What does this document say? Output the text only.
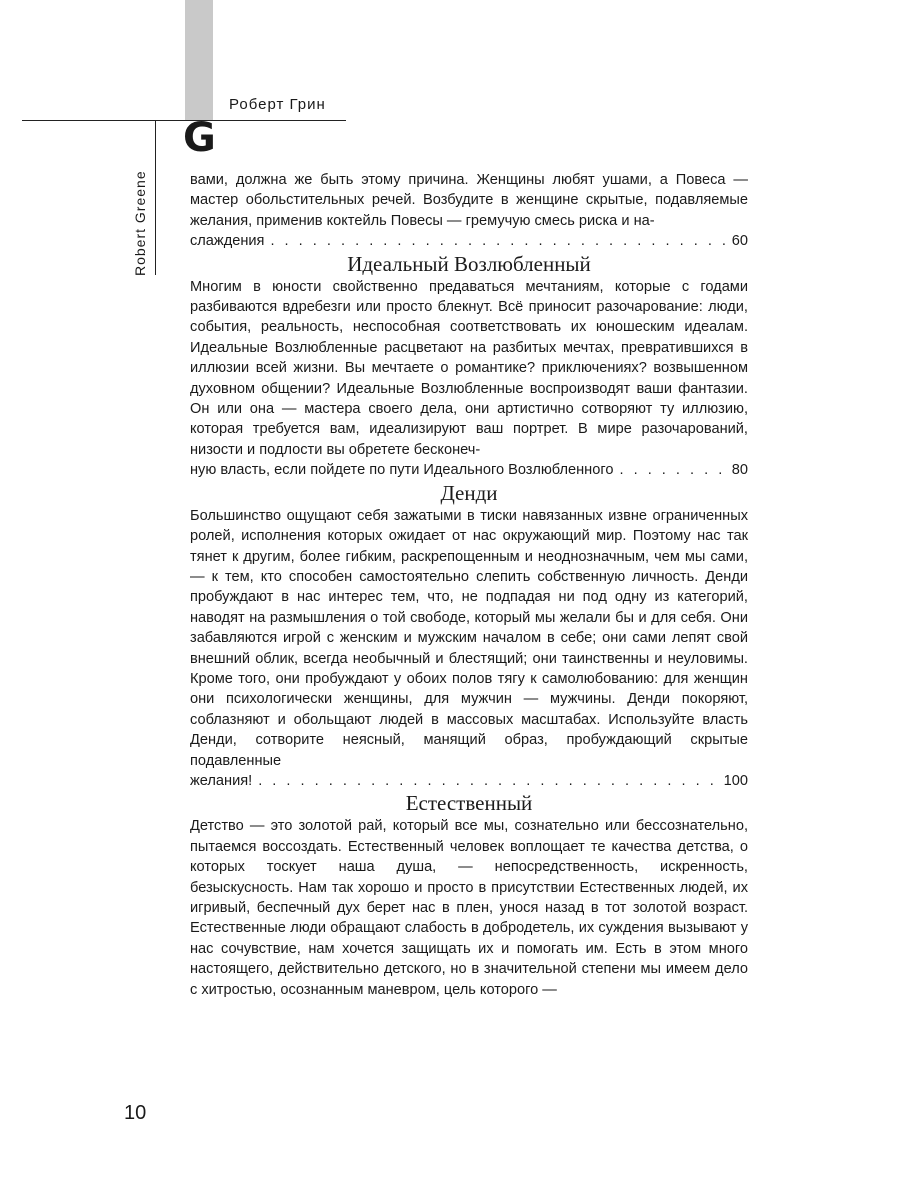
G
Роберт Грин
Robert Greene	вами, должна же быть этому причина. Женщины любят ушами, а Повеса — мастер обольстительных речей. Возбудите в женщине скрытые, подавляемые желания, применив коктейль Повесы — гремучую смесь риска и на-

слаждения . . .	60
Идеальный Возлюбленный

Многим в юности свойственно предаваться мечтаниям, которые с годами разбиваются вдребезги или просто блекнут. Всё приносит разочарование: люди, события, реальность, неспособная соответствовать их юношеским идеалам. Идеальные Возлюбленные расцветают на разбитых мечтах, превратившихся в иллюзии всей жизни. Вы мечтаете о романтике? приключениях? возвышенном духовном общении? Идеальные Возлюбленные воспроизводят ваши фантазии. Он или она — мастера своего дела, они артистично сотворяют ту иллюзию, которая требуется вам, идеализируют ваш портрет. В мире разочарований, низости и подлости вы обретете бесконеч-

ную власть, если пойдете по пути Идеального Возлюбленного . . .	80
Денди

Большинство ощущают себя зажатыми в тиски навязанных извне ограниченных ролей, исполнения которых ожидает от нас окружающий мир. Поэтому нас так тянет к другим, более гибким, раскрепощенным и неоднозначным, чем мы сами, — к тем, кто способен самостоятельно слепить собственную личность. Денди пробуждают в нас интерес тем, что, не подпадая ни под одну из категорий, наводят на размышления о той свободе, который мы желали бы и для себя. Они забавляются игрой с женским и мужским началом в себе; они сами лепят свой внешний облик, всегда необычный и блестящий; они таинственны и неуловимы. Кроме того, они пробуждают у обоих полов тягу к самолюбованию: для женщин они психологически женщины, для мужчин — мужчины. Денди покоряют, соблазняют и обольщают людей в массовых масштабах. Используйте власть Денди, сотворите неясный, манящий образ, пробуждающий скрытые подавленные

желания! . . .	100
Естественный

Детство — это золотой рай, который все мы, сознательно или бессознательно, пытаемся воссоздать. Естественный человек воплощает те качества детства, о которых тоскует наша душа, — непосредственность, искренность, безыскусность. Нам так хорошо и просто в присутствии Естественных людей, их игривый, беспечный дух берет нас в плен, унося назад в тот золотой возраст. Естественные люди обращают слабость в добродетель, их суждения вызывают у нас сочувствие, нам хочется защищать их и помогать им. Есть в этом много настоящего, действительно детского, но в значительной степени мы имеем дело с хитростью, осознанным маневром, цель которого —

10
